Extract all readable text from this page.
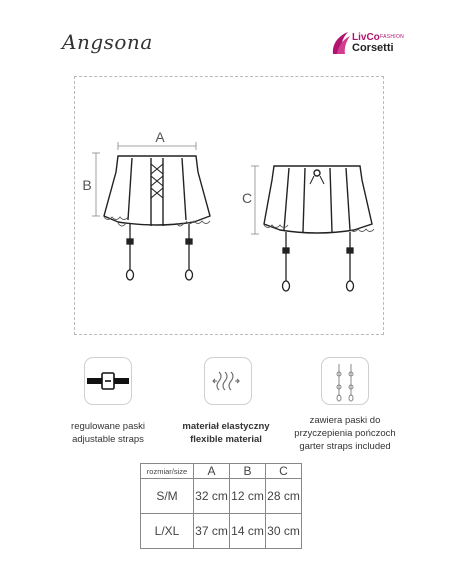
Angsona	LivCo FASHION
Corsetti
A
B
C
regulowane paski
adjustable straps
materiał elastyczny
flexible material
zawiera paski do
przyczepienia pończoch
garter straps included
rozmiar/size	A	B	C
S/M	32 cm	12 cm	28 cm
L/XL	37 cm	14 cm	30 cm
